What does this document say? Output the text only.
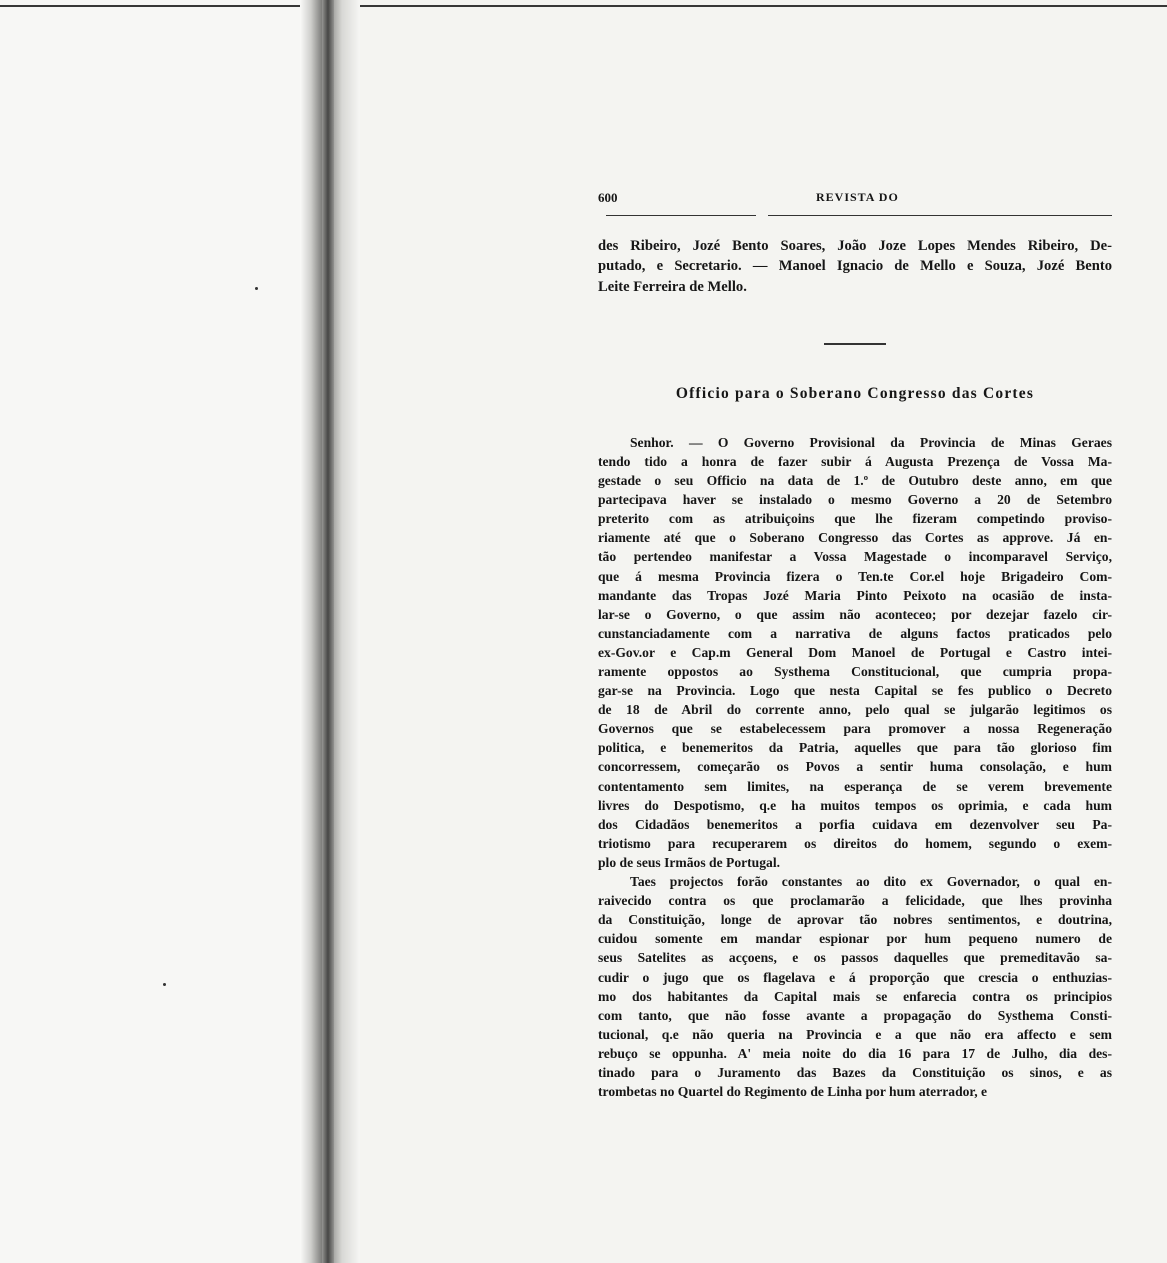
600	REVISTA DO
des Ribeiro, Jozé Bento Soares, João Joze Lopes Mendes Ribeiro, De-
putado, e Secretario. — Manoel Ignacio de Mello e Souza, Jozé Bento
Leite Ferreira de Mello.
Officio para o Soberano Congresso das Cortes
Senhor. — O Governo Provisional da Provincia de Minas Geraes
tendo tido a honra de fazer subir á Augusta Prezença de Vossa Ma-
gestade o seu Officio na data de 1.º de Outubro deste anno, em que
partecipava haver se instalado o mesmo Governo a 20 de Setembro
preterito com as atribuiçoins que lhe fizeram competindo proviso-
riamente até que o Soberano Congresso das Cortes as approve. Já en-
tão pertendeo manifestar a Vossa Magestade o incomparavel Serviço,
que á mesma Provincia fizera o Ten.te Cor.el hoje Brigadeiro Com-
mandante das Tropas Jozé Maria Pinto Peixoto na ocasião de insta-
lar-se o Governo, o que assim não aconteceo; por dezejar fazelo cir-
cunstanciadamente com a narrativa de alguns factos praticados pelo
ex-Gov.or e Cap.m General Dom Manoel de Portugal e Castro intei-
ramente oppostos ao Systhema Constitucional, que cumpria propa-
gar-se na Provincia. Logo que nesta Capital se fes publico o Decreto
de 18 de Abril do corrente anno, pelo qual se julgarão legitimos os
Governos que se estabelecessem para promover a nossa Regeneração
politica, e benemeritos da Patria, aquelles que para tão glorioso fim
concorressem, começarão os Povos a sentir huma consolação, e hum
contentamento sem limites, na esperança de se verem brevemente
livres do Despotismo, q.e ha muitos tempos os oprimia, e cada hum
dos Cidadãos benemeritos a porfia cuidava em dezenvolver seu Pa-
triotismo para recuperarem os direitos do homem, segundo o exem-
plo de seus Irmãos de Portugal.
Taes projectos forão constantes ao dito ex Governador, o qual en-
raivecido contra os que proclamarão a felicidade, que lhes provinha
da Constituição, longe de aprovar tão nobres sentimentos, e doutrina,
cuidou somente em mandar espionar por hum pequeno numero de
seus Satelites as acçoens, e os passos daquelles que premeditavão sa-
cudir o jugo que os flagelava e á proporção que crescia o enthuzias-
mo dos habitantes da Capital mais se enfarecia contra os principios
com tanto, que não fosse avante a propagação do Systhema Consti-
tucional, q.e não queria na Provincia e a que não era affecto e sem
rebuço se oppunha. A' meia noite do dia 16 para 17 de Julho, dia des-
tinado para o Juramento das Bazes da Constituição os sinos, e as
trombetas no Quartel do Regimento de Linha por hum aterrador, e
